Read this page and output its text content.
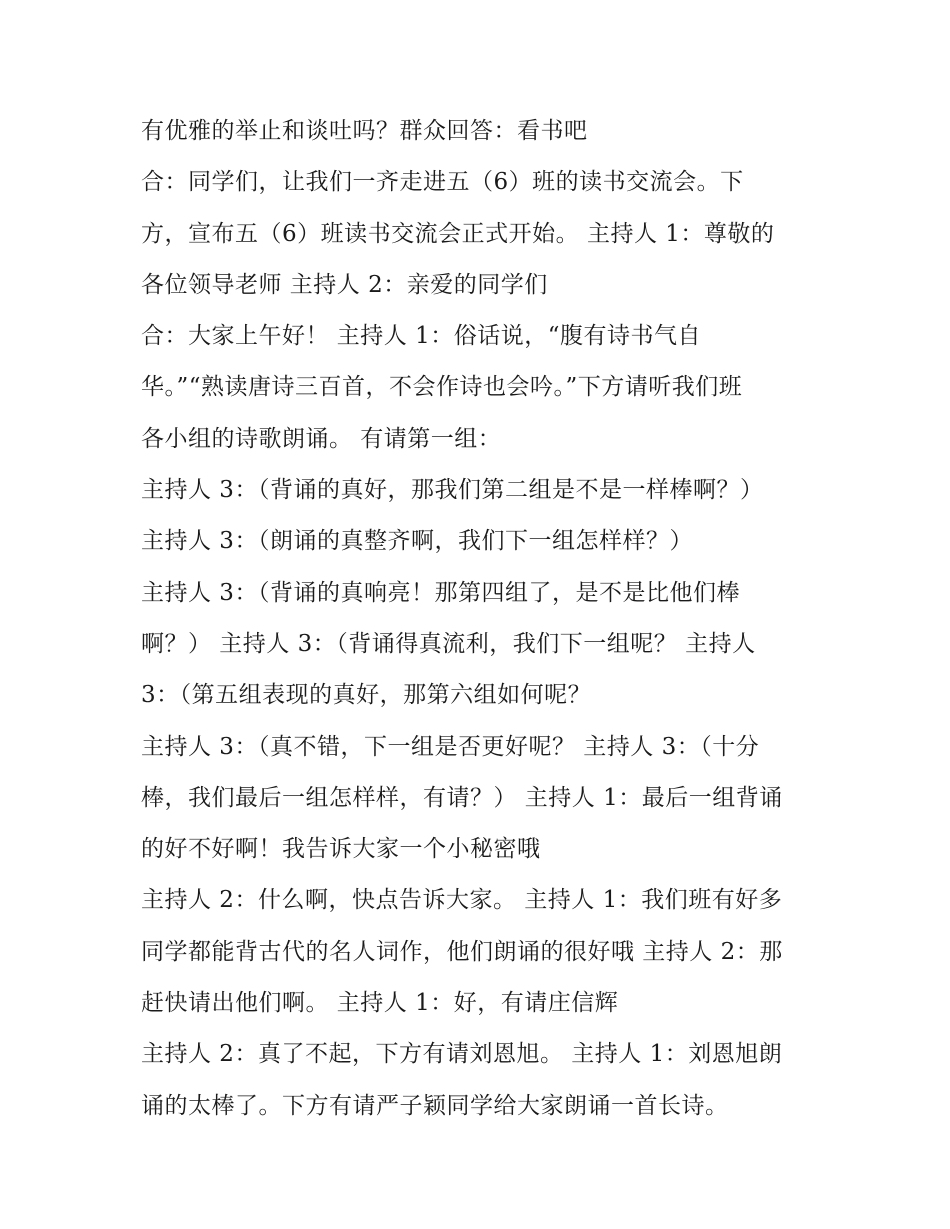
有优雅的举止和谈吐吗？群众回答：看书吧
合：同学们，让我们一齐走进五（6）班的读书交流会。下
方，宣布五（6）班读书交流会正式开始。 主持人 1：尊敬的
各位领导老师 主持人 2：亲爱的同学们
合：大家上午好！ 主持人 1：俗话说，“腹有诗书气自
华。”“熟读唐诗三百首，不会作诗也会吟。”下方请听我们班
各小组的诗歌朗诵。 有请第一组：
主持人 3：（背诵的真好，那我们第二组是不是一样棒啊？）
主持人 3：（朗诵的真整齐啊，我们下一组怎样样？）
主持人 3：（背诵的真响亮！那第四组了，是不是比他们棒
啊？） 主持人 3：（背诵得真流利，我们下一组呢？ 主持人
3：（第五组表现的真好，那第六组如何呢？
主持人 3：（真不错，下一组是否更好呢？ 主持人 3：（十分
棒，我们最后一组怎样样，有请？） 主持人 1：最后一组背诵
的好不好啊！我告诉大家一个小秘密哦
主持人 2：什么啊，快点告诉大家。 主持人 1：我们班有好多
同学都能背古代的名人词作，他们朗诵的很好哦 主持人 2：那
赶快请出他们啊。 主持人 1：好，有请庄信辉
主持人 2：真了不起，下方有请刘恩旭。 主持人 1：刘恩旭朗
诵的太棒了。下方有请严子颖同学给大家朗诵一首长诗。
